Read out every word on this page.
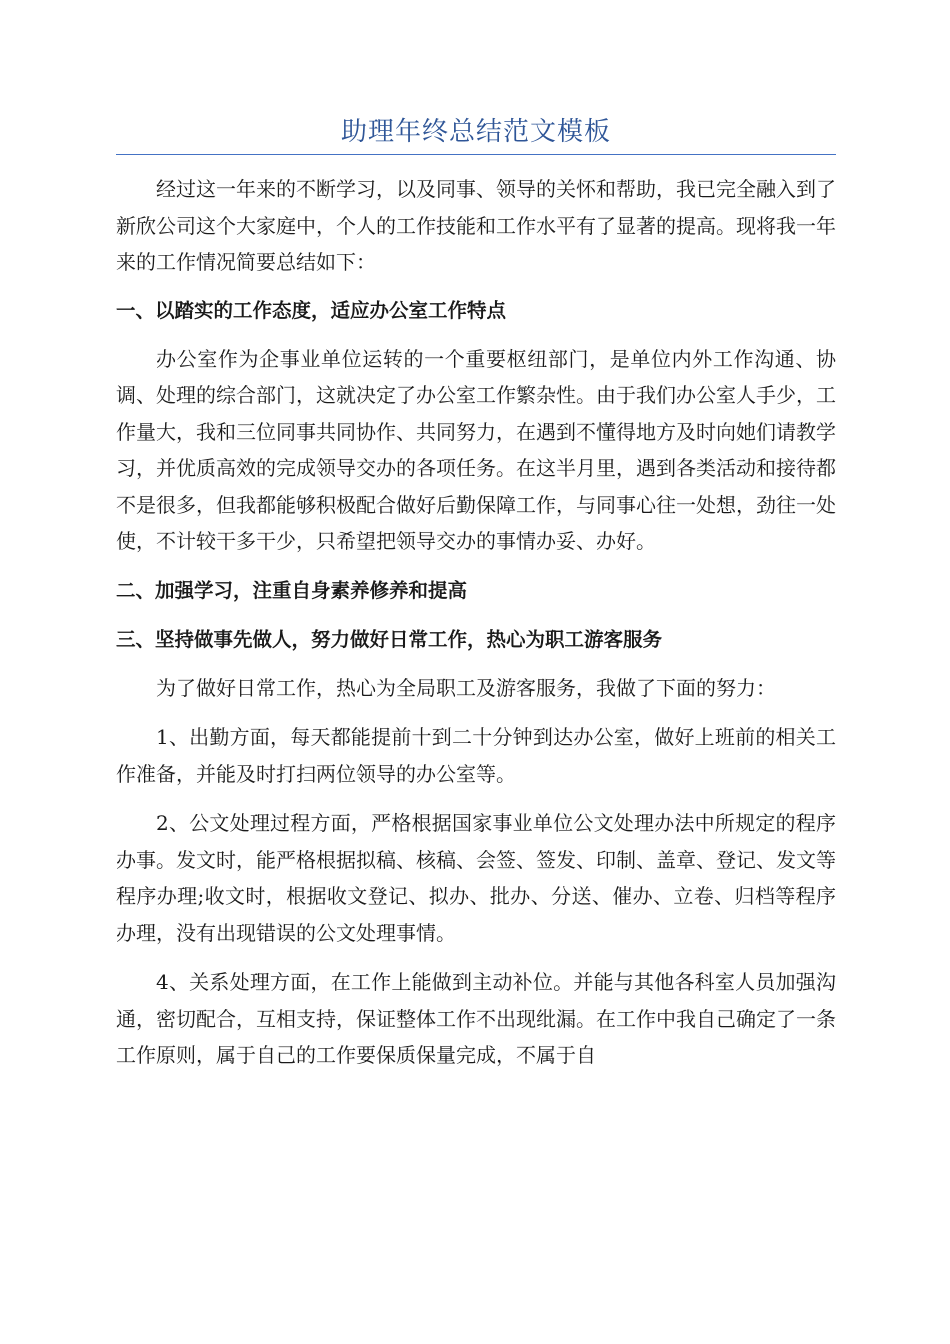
助理年终总结范文模板

经过这一年来的不断学习，以及同事、领导的关怀和帮助，我已完全融入到了新欣公司这个大家庭中，个人的工作技能和工作水平有了显著的提高。现将我一年来的工作情况简要总结如下：

一、以踏实的工作态度，适应办公室工作特点

办公室作为企事业单位运转的一个重要枢纽部门，是单位内外工作沟通、协调、处理的综合部门，这就决定了办公室工作繁杂性。由于我们办公室人手少，工作量大，我和三位同事共同协作、共同努力，在遇到不懂得地方及时向她们请教学习，并优质高效的完成领导交办的各项任务。在这半月里，遇到各类活动和接待都不是很多，但我都能够积极配合做好后勤保障工作，与同事心往一处想，劲往一处使，不计较干多干少，只希望把领导交办的事情办妥、办好。

二、加强学习，注重自身素养修养和提高

三、坚持做事先做人，努力做好日常工作，热心为职工游客服务

为了做好日常工作，热心为全局职工及游客服务，我做了下面的努力：

1、出勤方面，每天都能提前十到二十分钟到达办公室，做好上班前的相关工作准备，并能及时打扫两位领导的办公室等。

2、公文处理过程方面，严格根据国家事业单位公文处理办法中所规定的程序办事。发文时，能严格根据拟稿、核稿、会签、签发、印制、盖章、登记、发文等程序办理;收文时，根据收文登记、拟办、批办、分送、催办、立卷、归档等程序办理，没有出现错误的公文处理事情。

4、关系处理方面，在工作上能做到主动补位。并能与其他各科室人员加强沟通，密切配合，互相支持，保证整体工作不出现纰漏。在工作中我自己确定了一条工作原则，属于自己的工作要保质保量完成，不属于自
